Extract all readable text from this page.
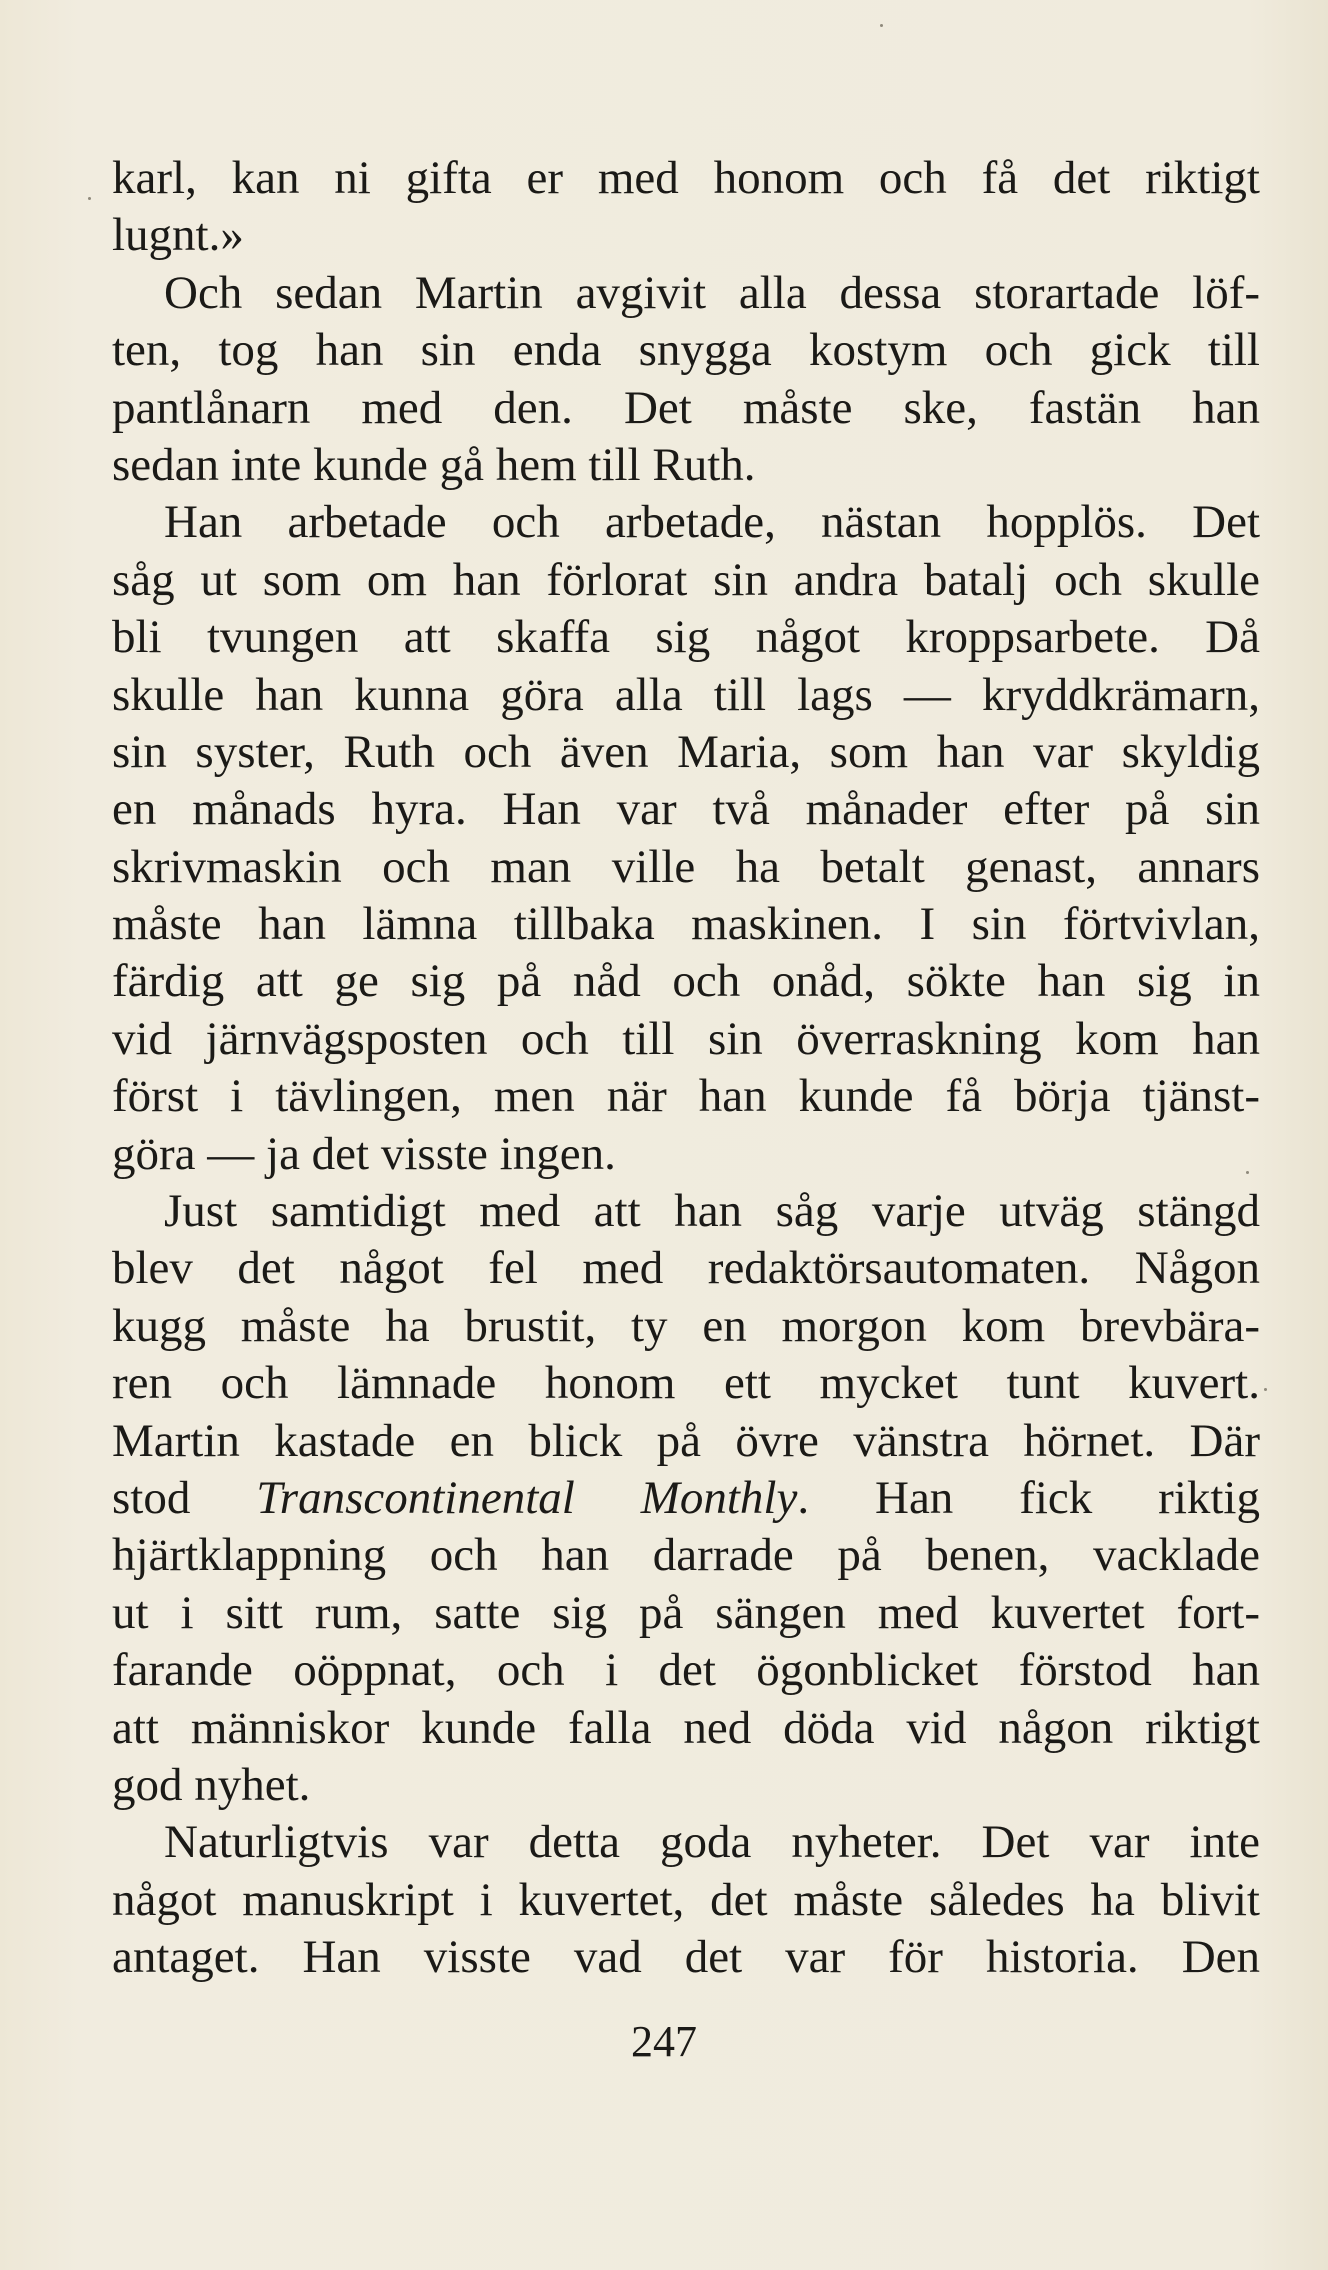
karl, kan ni gifta er med honom och få det riktigt
lugnt.»
Och sedan Martin avgivit alla dessa storartade löf-
ten, tog han sin enda snygga kostym och gick till
pantlånarn med den. Det måste ske, fastän han
sedan inte kunde gå hem till Ruth.
Han arbetade och arbetade, nästan hopplös. Det
såg ut som om han förlorat sin andra batalj och skulle
bli tvungen att skaffa sig något kroppsarbete. Då
skulle han kunna göra alla till lags — kryddkrämarn,
sin syster, Ruth och även Maria, som han var skyldig
en månads hyra. Han var två månader efter på sin
skrivmaskin och man ville ha betalt genast, annars
måste han lämna tillbaka maskinen. I sin förtvivlan,
färdig att ge sig på nåd och onåd, sökte han sig in
vid järnvägsposten och till sin överraskning kom han
först i tävlingen, men när han kunde få börja tjänst-
göra — ja det visste ingen.
Just samtidigt med att han såg varje utväg stängd
blev det något fel med redaktörsautomaten. Någon
kugg måste ha brustit, ty en morgon kom brevbära-
ren och lämnade honom ett mycket tunt kuvert.
Martin kastade en blick på övre vänstra hörnet. Där
stod Transcontinental Monthly. Han fick riktig
hjärtklappning och han darrade på benen, vacklade
ut i sitt rum, satte sig på sängen med kuvertet fort-
farande oöppnat, och i det ögonblicket förstod han
att människor kunde falla ned döda vid någon riktigt
god nyhet.
Naturligtvis var detta goda nyheter. Det var inte
något manuskript i kuvertet, det måste således ha blivit
antaget. Han visste vad det var för historia. Den
247
